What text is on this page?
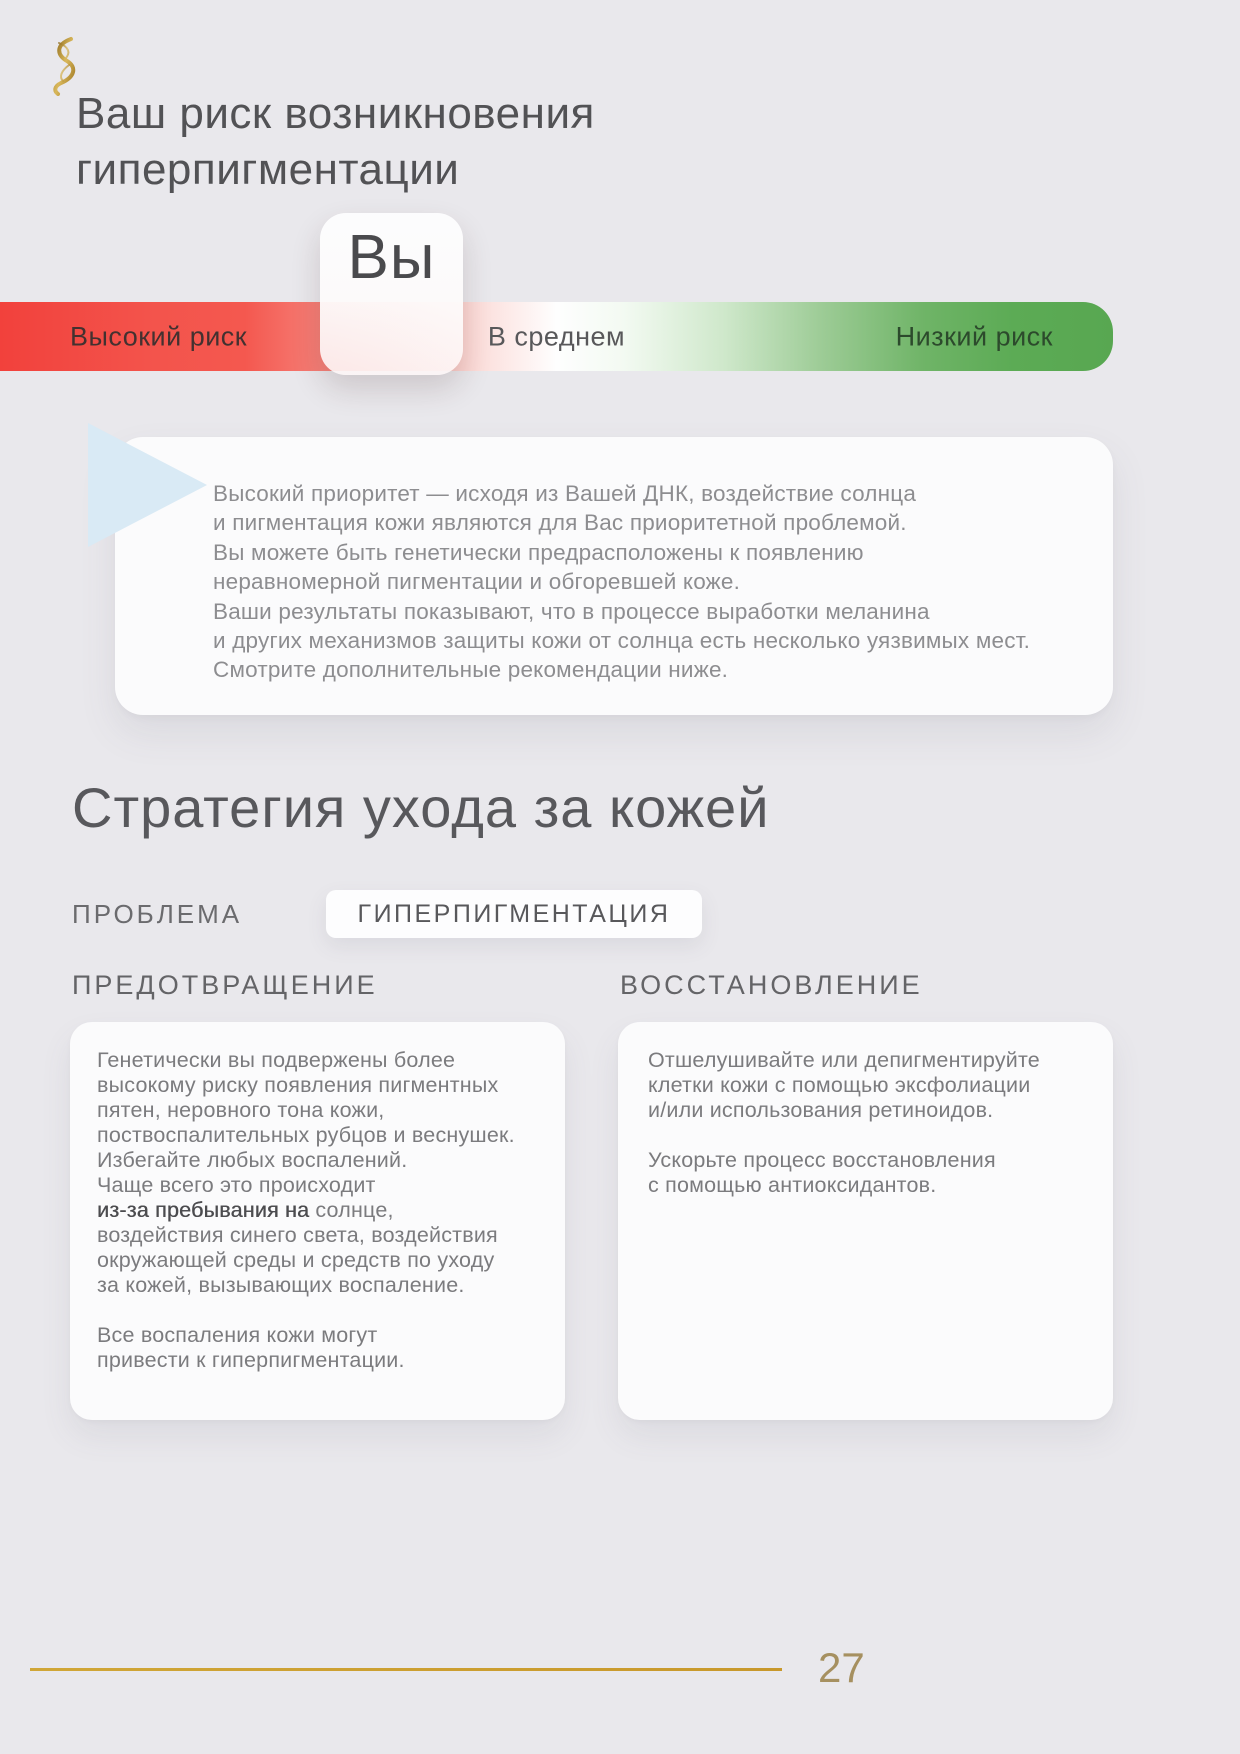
Ваш риск возникновения
гиперпигментации
Высокий риск	В среднем	Низкий риск
Вы
Высокий приоритет — исходя из Вашей ДНК, воздействие солнца
и пигментация кожи являются для Вас приоритетной проблемой.
Вы можете быть генетически предрасположены к появлению
неравномерной пигментации и обгоревшей коже.
Ваши результаты показывают, что в процессе выработки меланина
и других механизмов защиты кожи от солнца есть несколько уязвимых мест.
Смотрите дополнительные рекомендации ниже.
Стратегия ухода за кожей
ПРОБЛЕМА	ГИПЕРПИГМЕНТАЦИЯ
ПРЕДОТВРАЩЕНИЕ	ВОССТАНОВЛЕНИЕ
Генетически вы подвержены более
высокому риску появления пигментных
пятен, неровного тона кожи,
поствоспалительных рубцов и веснушек.
Избегайте любых воспалений.
Чаще всего это происходит
из-за пребывания на солнце,
воздействия синего света, воздействия
окружающей среды и средств по уходу
за кожей, вызывающих воспаление.
Все воспаления кожи могут
привести к гиперпигментации.
Отшелушивайте или депигментируйте
клетки кожи с помощью эксфолиации
и/или использования ретиноидов.
Ускорьте процесс восстановления
с помощью антиоксидантов.
27
